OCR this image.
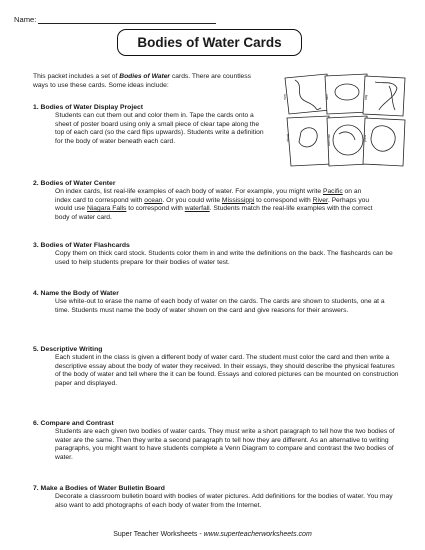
Name:
Bodies of Water Cards
This packet includes a set of Bodies of Water cards. There are countless ways to use these cards. Some ideas include:
river	lake	bay
island	waterfall	pond
1. Bodies of Water Display Project
Students can cut them out and color them in. Tape the cards onto a sheet of poster board using only a small piece of clear tape along the top of each card (so the card flips upwards). Students write a definition for the body of water beneath each card.
2. Bodies of Water Center
On index cards, list real-life examples of each body of water. For example, you might write Pacific on an index card to correspond with ocean. Or you could write Mississippi to correspond with River. Perhaps you would use Niagara Falls to correspond with waterfall. Students match the real-life examples with the correct body of water card.
3. Bodies of Water Flashcards
Copy them on thick card stock. Students color them in and write the definitions on the back. The flashcards can be used to help students prepare for their bodies of water test.
4. Name the Body of Water
Use white-out to erase the name of each body of water on the cards. The cards are shown to students, one at a time. Students must name the body of water shown on the card and give reasons for their answers.
5. Descriptive Writing
Each student in the class is given a different body of water card. The student must color the card and then write a descriptive essay about the body of water they received. In their essays, they should describe the physical features of the body of water and tell where the it can be found. Essays and colored pictures can be mounted on construction paper and displayed.
6. Compare and Contrast
Students are each given two bodies of water cards. They must write a short paragraph to tell how the two bodies of water are the same. Then they write a second paragraph to tell how they are different. As an alternative to writing paragraphs, you might want to have students complete a Venn Diagram to compare and contrast the two bodies of water.
7. Make a Bodies of Water Bulletin Board
Decorate a classroom bulletin board with bodies of water pictures. Add definitions for the bodies of water. You may also want to add photographs of each body of water from the Internet.
Super Teacher Worksheets - www.superteacherworksheets.com
